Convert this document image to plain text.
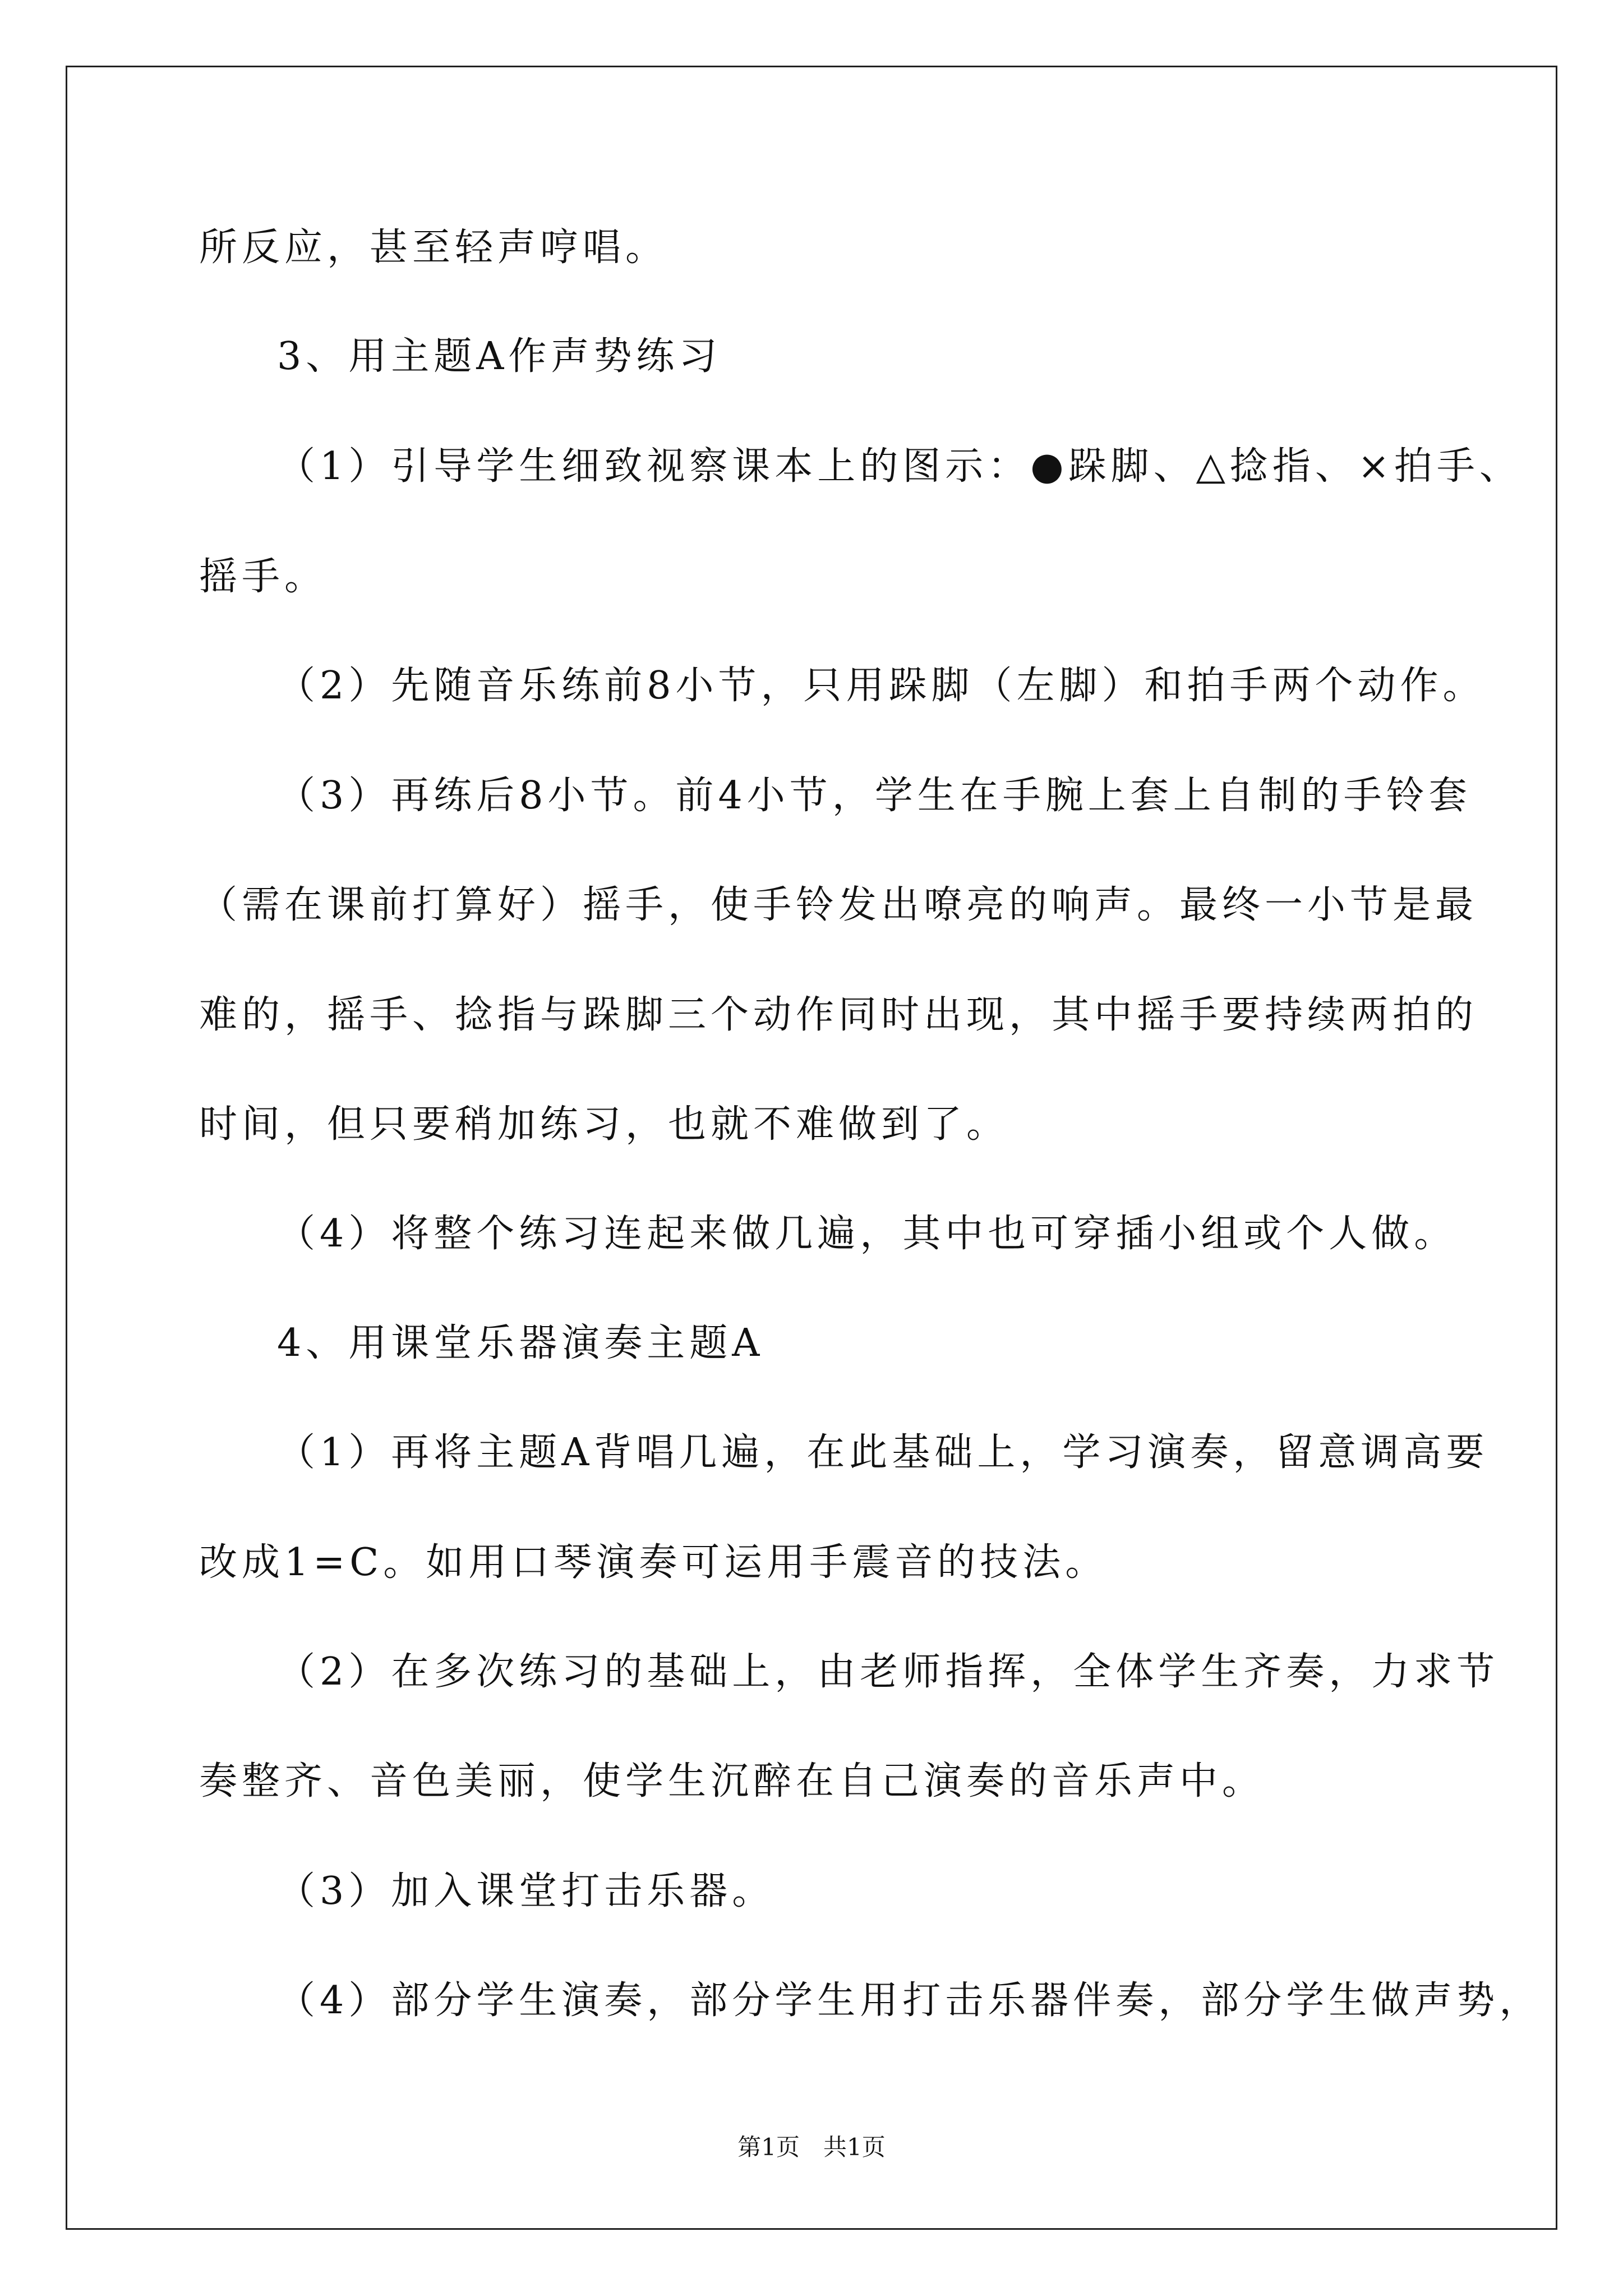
所反应，甚至轻声哼唱。
3、用主题A作声势练习
（1）引导学生细致视察课本上的图示：●跺脚、△捻指、×拍手、
摇手。
（2）先随音乐练前8小节，只用跺脚（左脚）和拍手两个动作。
（3）再练后8小节。前4小节，学生在手腕上套上自制的手铃套
（需在课前打算好）摇手，使手铃发出嘹亮的响声。最终一小节是最
难的，摇手、捻指与跺脚三个动作同时出现，其中摇手要持续两拍的
时间，但只要稍加练习，也就不难做到了。
（4）将整个练习连起来做几遍，其中也可穿插小组或个人做。
4、用课堂乐器演奏主题A
（1）再将主题A背唱几遍，在此基础上，学习演奏，留意调高要
改成1=C。如用口琴演奏可运用手震音的技法。
（2）在多次练习的基础上，由老师指挥，全体学生齐奏，力求节
奏整齐、音色美丽，使学生沉醉在自己演奏的音乐声中。
（3）加入课堂打击乐器。
（4）部分学生演奏，部分学生用打击乐器伴奏，部分学生做声势，
第1页　共1页
